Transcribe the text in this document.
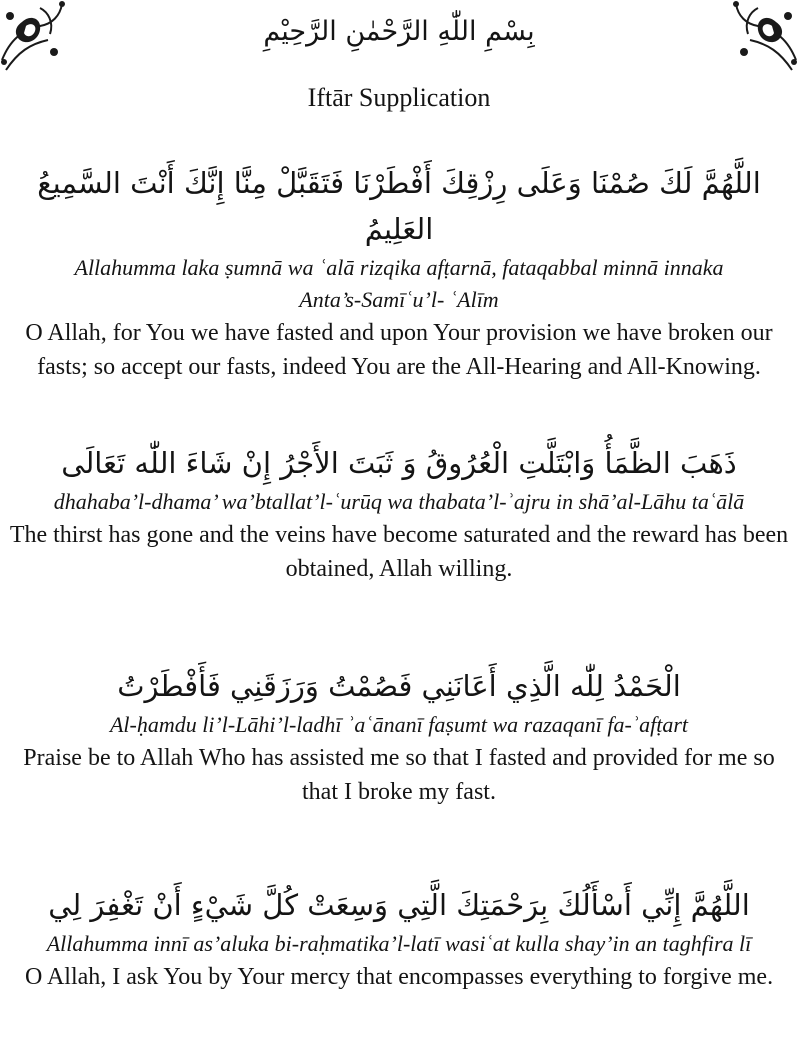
بِسْمِ اللّٰهِ الرَّحْمٰنِ الرَّحِيْمِ
Iftār Supplication

اللَّهُمَّ لَكَ صُمْنَا وَعَلَى رِزْقِكَ أَفْطَرْنَا فَتَقَبَّلْ مِنَّا إِنَّكَ أَنْتَ السَّمِيعُ العَلِيمُ

Allahumma laka ṣumnā wa ʿalā rizqika afṭarnā, fataqabbal minnā innaka

Anta’s-Samīʿu’l- ʿAlīm

O Allah, for You we have fasted and upon Your provision we have broken our fasts; so accept our fasts, indeed You are the All-Hearing and All-Knowing.

ذَهَبَ الظَّمَأُ وَابْتَلَّتِ الْعُرُوقُ وَ ثَبَتَ الأَجْرُ إِنْ شَاءَ اللّٰه تَعَالَى

dhahaba’l-dhama’ wa’btallat’l-ʿurūq wa thabata’l-ʾajru in shā’al-Lāhu taʿālā

The thirst has gone and the veins have become saturated and the reward has been obtained, Allah willing.

الْحَمْدُ لِلّٰه الَّذِي أَعَانَنِي فَصُمْتُ وَرَزَقَنِي فَأَفْطَرْتُ

Al-ḥamdu li’l-Lāhi’l-ladhī ʾaʿānanī faṣumt wa razaqanī fa-ʾafṭart

Praise be to Allah Who has assisted me so that I fasted and provided for me so that I broke my fast.

اللَّهُمَّ إِنِّي أَسْأَلُكَ بِرَحْمَتِكَ الَّتِي وَسِعَتْ كُلَّ شَيْءٍ أَنْ تَغْفِرَ لِي

Allahumma innī as’aluka bi-raḥmatika’l-latī wasiʿat kulla shay’in an taghfira lī

O Allah, I ask You by Your mercy that encompasses everything to forgive me.
